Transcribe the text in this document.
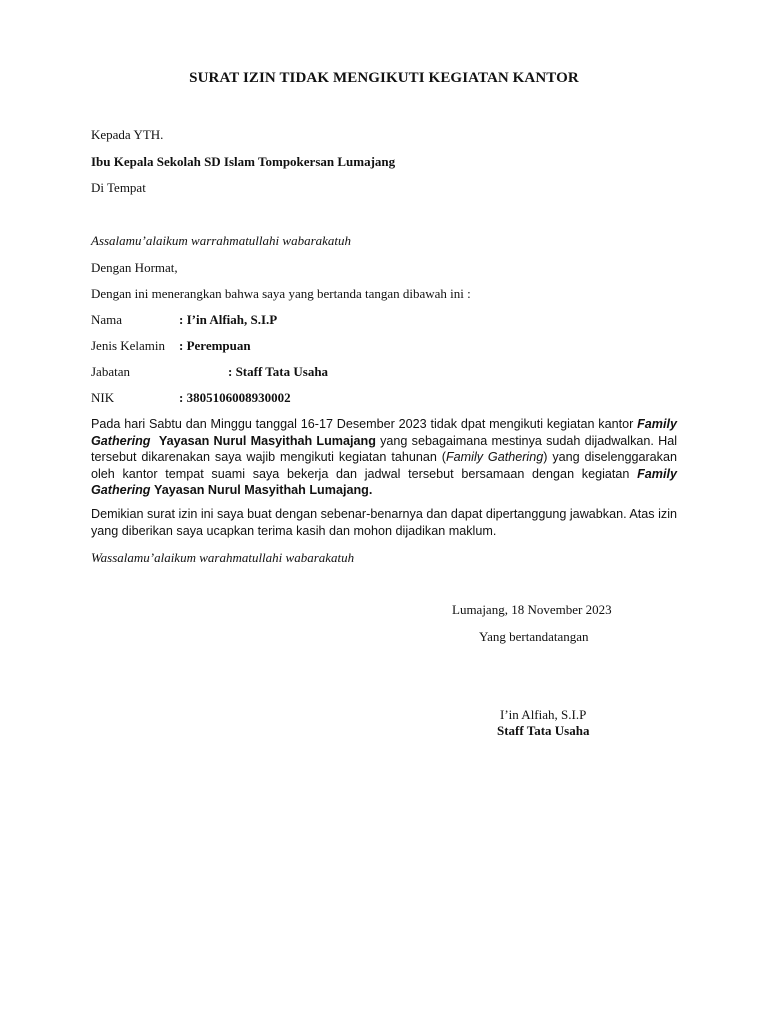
SURAT IZIN TIDAK MENGIKUTI KEGIATAN KANTOR
Kepada YTH.
Ibu Kepala Sekolah SD Islam Tompokersan Lumajang
Di Tempat
Assalamu’alaikum warrahmatullahi wabarakatuh
Dengan Hormat,
Dengan ini menerangkan bahwa saya yang bertanda tangan dibawah ini :
Nama	: I’in Alfiah, S.I.P
Jenis Kelamin : Perempuan
Jabatan	: Staff Tata Usaha
NIK	: 3805106008930002
Pada hari Sabtu dan Minggu tanggal 16-17 Desember 2023 tidak dpat mengikuti kegiatan kantor Family Gathering Yayasan Nurul Masyithah Lumajang yang sebagaimana mestinya sudah dijadwalkan. Hal tersebut dikarenakan saya wajib mengikuti kegiatan tahunan (Family Gathering) yang diselenggarakan oleh kantor tempat suami saya bekerja dan jadwal tersebut bersamaan dengan kegiatan Family Gathering Yayasan Nurul Masyithah Lumajang.
Demikian surat izin ini saya buat dengan sebenar-benarnya dan dapat dipertanggung jawabkan. Atas izin yang diberikan saya ucapkan terima kasih dan mohon dijadikan maklum.
Wassalamu’alaikum warahmatullahi wabarakatuh
Lumajang, 18 November 2023
Yang bertandatangan
I’in Alfiah, S.I.P
Staff Tata Usaha
